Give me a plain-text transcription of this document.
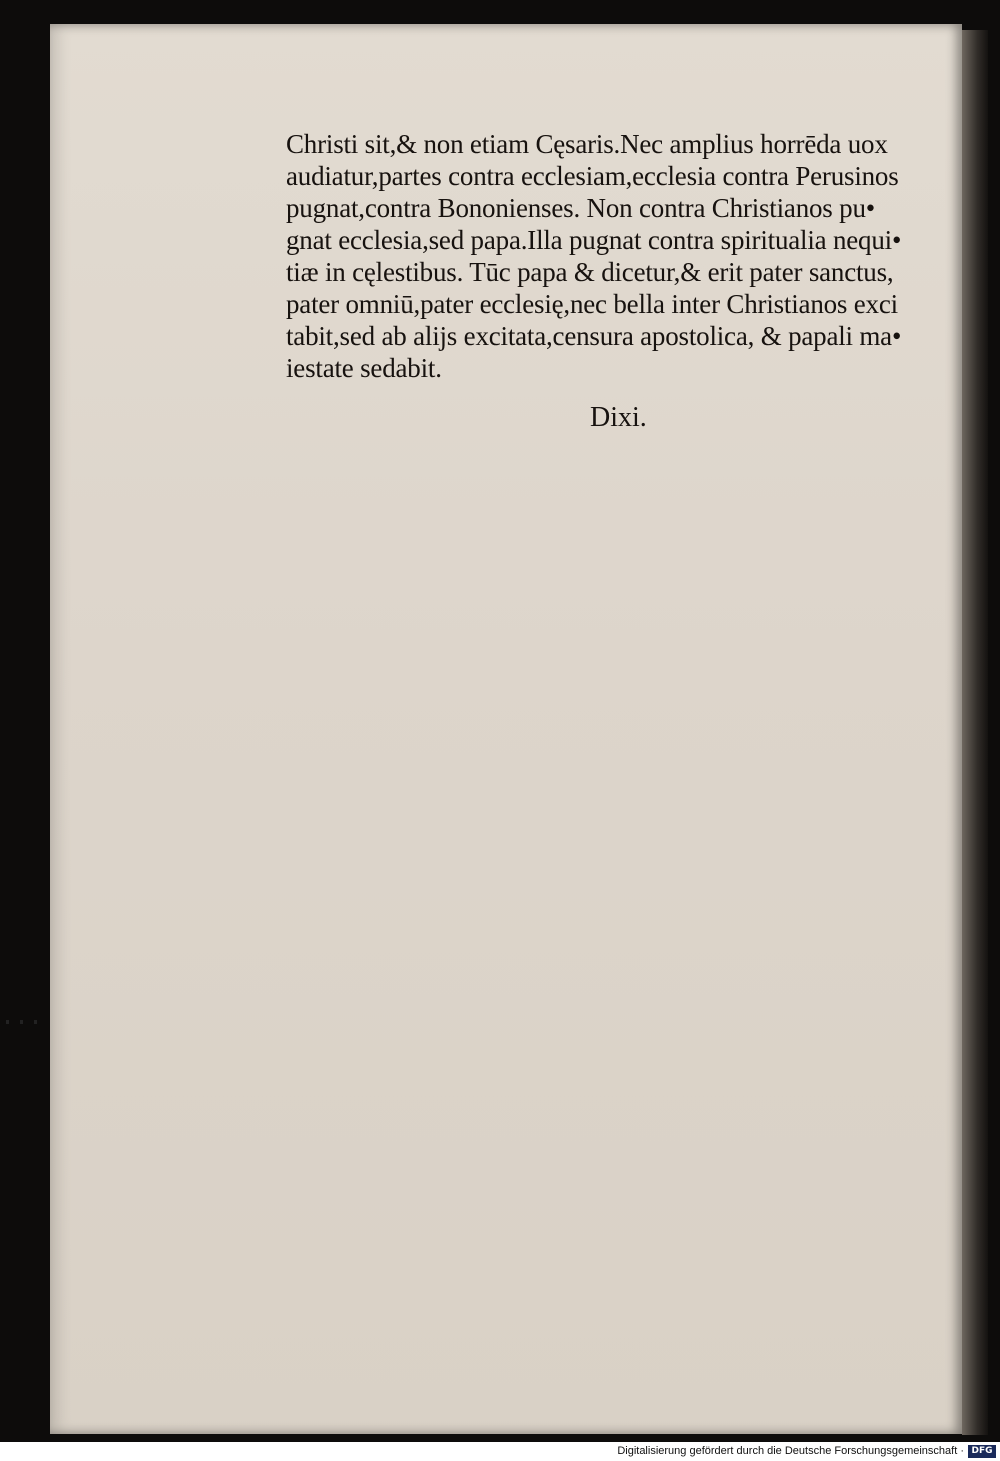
Christi sit,& non etiam Cęsaris.Nec amplius horrēda uox
audiatur,partes contra ecclesiam,ecclesia contra Perusinos
pugnat,contra Bononienses. Non contra Christianos pu•
gnat ecclesia,sed papa.Illa pugnat contra spiritualia nequi•
tiæ in cęlestibus. Tūc papa & dicetur,& erit pater sanctus,
pater omniū,pater ecclesię,nec bella inter Christianos exci
tabit,sed ab alijs excitata,censura apostolica, & papali ma•
iestate sedabit.
Dixi.
Digitalisierung gefördert durch die Deutsche Forschungsgemeinschaft · DFG
